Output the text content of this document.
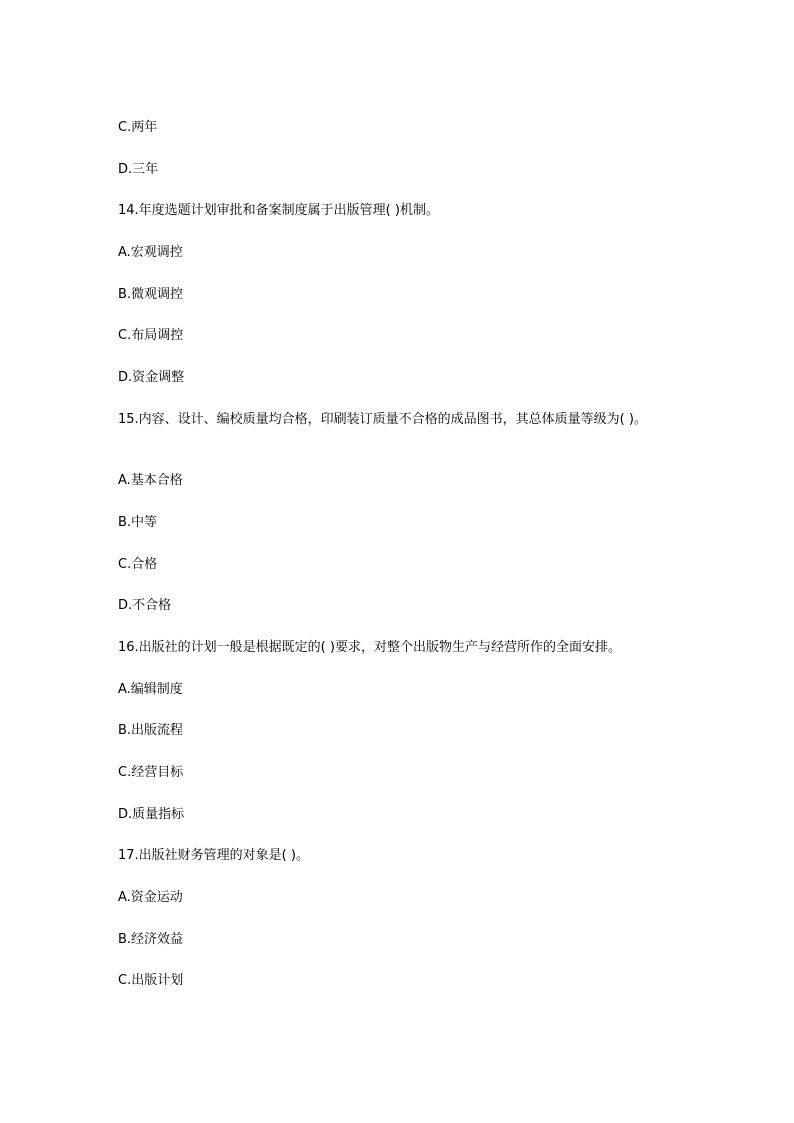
C.两年
D.三年
14.年度选题计划审批和备案制度属于出版管理( )机制。
A.宏观调控
B.微观调控
C.布局调控
D.资金调整
15.内容、设计、编校质量均合格，印刷装订质量不合格的成品图书，其总体质量等级为( )。
A.基本合格
B.中等
C.合格
D.不合格
16.出版社的计划一般是根据既定的( )要求，对整个出版物生产与经营所作的全面安排。
A.编辑制度
B.出版流程
C.经营目标
D.质量指标
17.出版社财务管理的对象是( )。
A.资金运动
B.经济效益
C.出版计划
